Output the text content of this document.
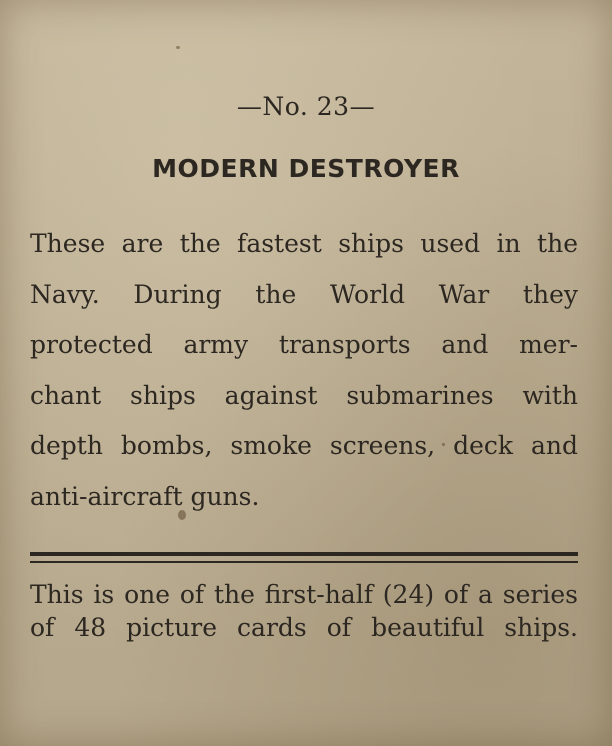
—No. 23—
MODERN DESTROYER

These are the fastest ships used in the
Navy. During the World War they
protected army transports and mer-
chant ships against submarines with
depth bombs, smoke screens, deck and
anti-aircraft guns.

This is one of the first-half (24) of a series
of 48 picture cards of beautiful ships.
